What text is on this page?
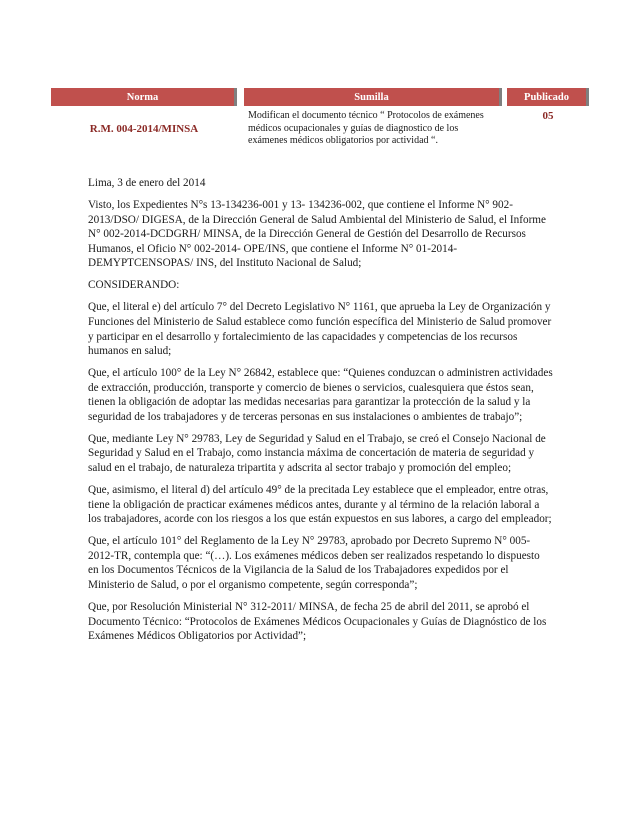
Norma	Sumilla	Publicado
R.M. 004-2014/MINSA
Modifican el documento técnico “ Protocolos de exámenes médicos ocupacionales y guías de diagnostico de los exámenes médicos obligatorios por actividad “.
05

Lima, 3 de enero del 2014

Visto, los Expedientes N°s 13-134236-001 y 13- 134236-002, que contiene el Informe N° 902-2013/DSO/ DIGESA, de la Dirección General de Salud Ambiental del Ministerio de Salud, el Informe N° 002-2014-DCDGRH/ MINSA, de la Dirección General de Gestión del Desarrollo de Recursos Humanos, el Oficio N° 002-2014- OPE/INS, que contiene el Informe N° 01-2014-DEMYPTCENSOPAS/ INS, del Instituto Nacional de Salud;

CONSIDERANDO:

Que, el literal e) del artículo 7° del Decreto Legislativo N° 1161, que aprueba la Ley de Organización y Funciones del Ministerio de Salud establece como función específica del Ministerio de Salud promover y participar en el desarrollo y fortalecimiento de las capacidades y competencias de los recursos humanos en salud;

Que, el artículo 100° de la Ley N° 26842, establece que: “Quienes conduzcan o administren actividades de extracción, producción, transporte y comercio de bienes o servicios, cualesquiera que éstos sean, tienen la obligación de adoptar las medidas necesarias para garantizar la protección de la salud y la seguridad de los trabajadores y de terceras personas en sus instalaciones o ambientes de trabajo”;

Que, mediante Ley N° 29783, Ley de Seguridad y Salud en el Trabajo, se creó el Consejo Nacional de Seguridad y Salud en el Trabajo, como instancia máxima de concertación de materia de seguridad y salud en el trabajo, de naturaleza tripartita y adscrita al sector trabajo y promoción del empleo;

Que, asimismo, el literal d) del artículo 49° de la precitada Ley establece que el empleador, entre otras, tiene la obligación de practicar exámenes médicos antes, durante y al término de la relación laboral a los trabajadores, acorde con los riesgos a los que están expuestos en sus labores, a cargo del empleador;

Que, el artículo 101° del Reglamento de la Ley N° 29783, aprobado por Decreto Supremo N° 005-2012-TR, contempla que: “(…). Los exámenes médicos deben ser realizados respetando lo dispuesto en los Documentos Técnicos de la Vigilancia de la Salud de los Trabajadores expedidos por el Ministerio de Salud, o por el organismo competente, según corresponda”;

Que, por Resolución Ministerial N° 312-2011/ MINSA, de fecha 25 de abril del 2011, se aprobó el Documento Técnico: “Protocolos de Exámenes Médicos Ocupacionales y Guías de Diagnóstico de los Exámenes Médicos Obligatorios por Actividad”;
